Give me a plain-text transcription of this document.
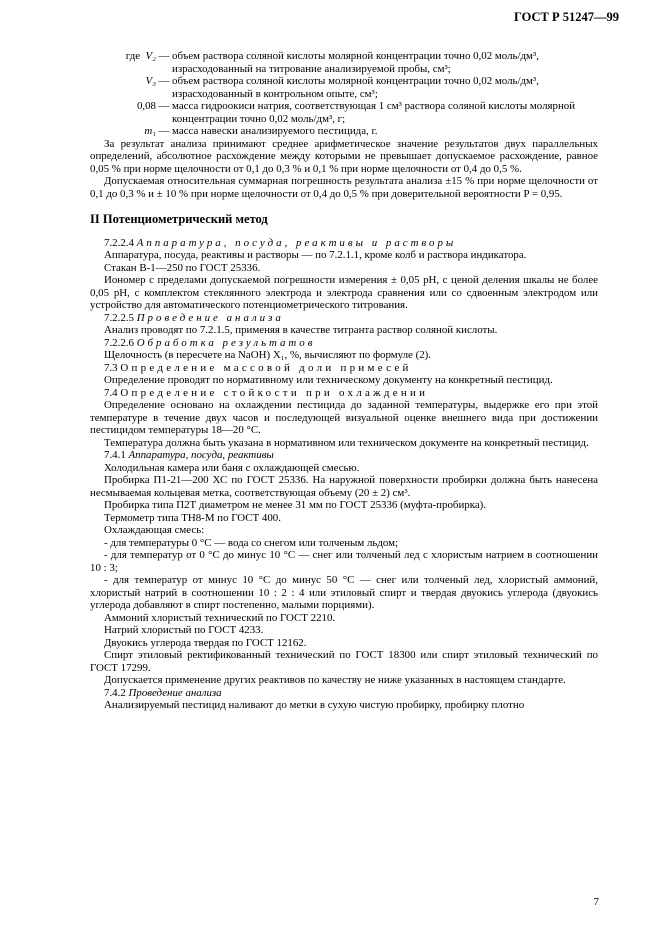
ГОСТ Р 51247—99
где V₂ — объем раствора соляной кислоты молярной концентрации точно 0,02 моль/дм³, израсходованный на титрование анализируемой пробы, см³;
V₃ — объем раствора соляной кислоты молярной концентрации точно 0,02 моль/дм³, израсходованный в контрольном опыте, см³;
0,08 — масса гидроокиси натрия, соответствующая 1 см³ раствора соляной кислоты молярной концентрации точно 0,02 моль/дм³, г;
m₁ — масса навески анализируемого пестицида, г.

За результат анализа принимают среднее арифметическое значение результатов двух параллельных определений, абсолютное расхождение между которыми не превышает допускаемое расхождение, равное 0,05 % при норме щелочности от 0,1 до 0,3 % и 0,1 % при норме щелочности от 0,4 до 0,5 %.

Допускаемая относительная суммарная погрешность результата анализа ±15 % при норме щелочности от 0,1 до 0,3 % и ± 10 % при норме щелочности от 0,4 до 0,5 % при доверительной вероятности P = 0,95.

II Потенциометрический метод

7.2.2.4 Аппаратура, посуда, реактивы и растворы

Аппаратура, посуда, реактивы и растворы — по 7.2.1.1, кроме колб и раствора индикатора.

Стакан В-1—250 по ГОСТ 25336.

Иономер с пределами допускаемой погрешности измерения ± 0,05 pH, с ценой деления шкалы не более 0,05 pH, с комплектом стеклянного электрода и электрода сравнения или со сдвоенным электродом или устройство для автоматического потенциометрического титрования.

7.2.2.5 Проведение анализа

Анализ проводят по 7.2.1.5, применяя в качестве титранта раствор соляной кислоты.

7.2.2.6 Обработка результатов

Щелочность (в пересчете на NaOH) X₁, %, вычисляют по формуле (2).

7.3 Определение массовой доли примесей

Определение проводят по нормативному или техническому документу на конкретный пестицид.

7.4 Определение стойкости при охлаждении

Определение основано на охлаждении пестицида до заданной температуры, выдержке его при этой температуре в течение двух часов и последующей визуальной оценке внешнего вида при достижении пестицидом температуры 18—20 °С.

Температура должна быть указана в нормативном или техническом документе на конкретный пестицид.

7.4.1 Аппаратура, посуда, реактивы

Холодильная камера или баня с охлаждающей смесью.

Пробирка П1-21—200 ХС по ГОСТ 25336. На наружной поверхности пробирки должна быть нанесена несмываемая кольцевая метка, соответствующая объему (20 ± 2) см³.

Пробирка типа П2Т диаметром не менее 31 мм по ГОСТ 25336 (муфта-пробирка).

Термометр типа ТН8-М по ГОСТ 400.

Охлаждающая смесь:

- для температуры 0 °С — вода со снегом или толченым льдом;

- для температур от 0 °С до минус 10 °С — снег или толченый лед с хлористым натрием в соотношении 10 : 3;

- для температур от минус 10 °С до минус 50 °С — снег или толченый лед, хлористый аммоний, хлористый натрий в соотношении 10 : 2 : 4 или этиловый спирт и твердая двуокись углерода (двуокись углерода добавляют в спирт постепенно, малыми порциями).

Аммоний хлористый технический по ГОСТ 2210.

Натрий хлористый по ГОСТ 4233.

Двуокись углерода твердая по ГОСТ 12162.

Спирт этиловый ректификованный технический по ГОСТ 18300 или спирт этиловый технический по ГОСТ 17299.

Допускается применение других реактивов по качеству не ниже указанных в настоящем стандарте.

7.4.2 Проведение анализа

Анализируемый пестицид наливают до метки в сухую чистую пробирку, пробирку плотно

7
